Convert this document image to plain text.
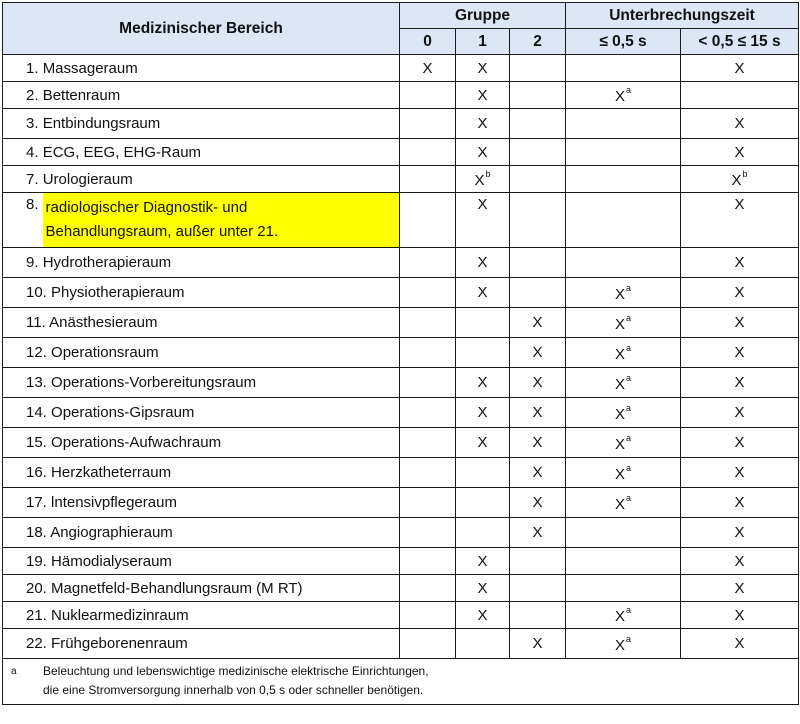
Medizinischer Bereich	Gruppe			Unterbrechungszeit	
	0	1	2	≤ 0,5 s	< 0,5 ≤ 15 s
1. Massageraum	X	X			X
2. Bettenraum		X		$X^a$	
3. Entbindungsraum		X			X
4. ECG, EEG, EHG-Raum		X			X
7. Urologieraum		$X^b$			$X^b$

8. radiologischer Diagnostik- und
Behandlungsraum, außer unter 21.		X			X
9. Hydrotherapieraum		X			X
10. Physiotherapieraum		X		$X^a$	X
11. Anästhesieraum			X	$X^a$	X
12. Operationsraum			X	$X^a$	X
13. Operations-Vorbereitungsraum		X	X	$X^a$	X
14. Operations-Gipsraum		X	X	$X^a$	X
15. Operations-Aufwachraum		X	X	$X^a$	X
16. Herzkatheterraum			X	$X^a$	X
17. lntensivpflegeraum			X	$X^a$	X
18. Angiographieraum			X		X
19. Hämodialyseraum		X			X
20. Magnetfeld-Behandlungsraum (M RT)		X			X
21. Nuklearmedizinraum		X		$X^a$	X
22. Frühgeborenenraum			X	$X^a$	X

a Beleuchtung und lebenswichtige medizinische elektrische Einrichtungen,
die eine Stromversorgung innerhalb von 0,5 s oder schneller benötigen.					
